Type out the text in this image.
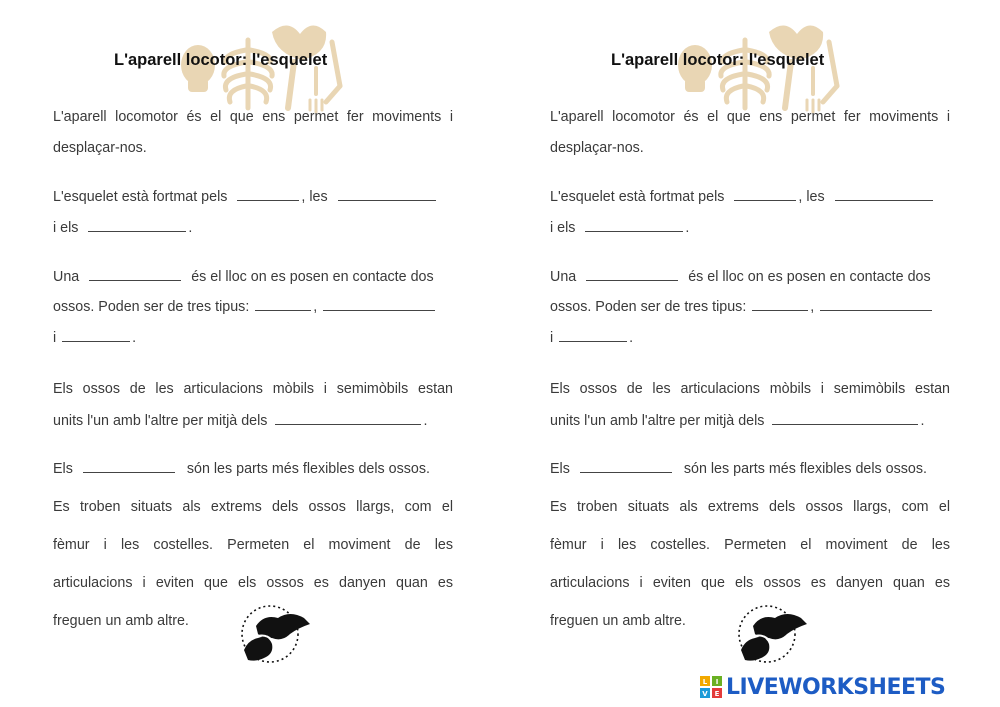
L'aparell locotor: l'esquelet
L'aparell locomotor és el que ens permet fer moviments i
desplaçar-nos.
L'esquelet està fortmat pels	, les
i els	.
Una	és el lloc on es posen en contacte dos
ossos. Poden ser de tres tipus:	,
i	.
Els ossos de les articulacions mòbils i semimòbils estan
units l'un amb l'altre per mitjà dels	.
Els	són les parts més flexibles dels ossos.
Es troben situats als extrems dels ossos llargs, com el
fèmur i les costelles. Permeten el moviment de les
articulacions i eviten que els ossos es danyen quan es
freguen un amb altre.
L'aparell locotor: l'esquelet
L'aparell locomotor és el que ens permet fer moviments i
desplaçar-nos.
L'esquelet està fortmat pels	, les
i els	.
Una	és el lloc on es posen en contacte dos
ossos. Poden ser de tres tipus:	,
i	.
Els ossos de les articulacions mòbils i semimòbils estan
units l'un amb l'altre per mitjà dels	.
Els	són les parts més flexibles dels ossos.
Es troben situats als extrems dels ossos llargs, com el
fèmur i les costelles. Permeten el moviment de les
articulacions i eviten que els ossos es danyen quan es
freguen un amb altre.
L I
V E LIVEWORKSHEETS
